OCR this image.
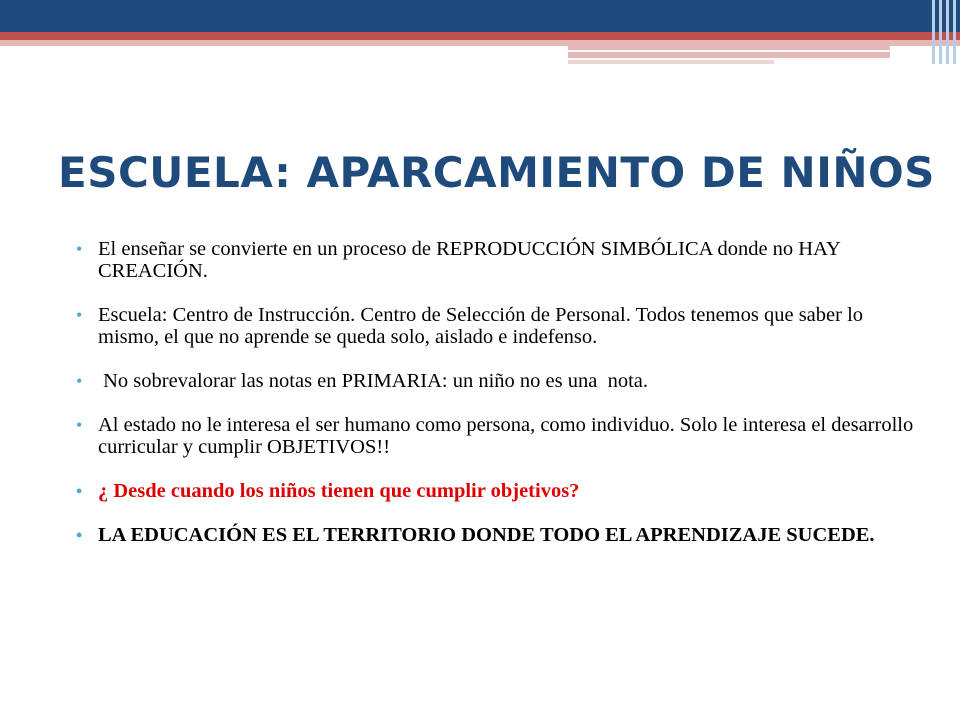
ESCUELA: APARCAMIENTO DE NIÑOS
• El enseñar se convierte en un proceso de REPRODUCCIÓN SIMBÓLICA donde no HAY CREACIÓN.
• Escuela: Centro de Instrucción. Centro de Selección de Personal. Todos tenemos que saber lo mismo, el que no aprende se queda solo, aislado e indefenso.
• No sobrevalorar las notas en PRIMARIA: un niño no es una  nota.
• Al estado no le interesa el ser humano como persona, como individuo. Solo le interesa el desarrollo curricular y cumplir OBJETIVOS!!
• ¿ Desde cuando los niños tienen que cumplir objetivos?
• LA EDUCACIÓN ES EL TERRITORIO DONDE TODO EL APRENDIZAJE SUCEDE.
